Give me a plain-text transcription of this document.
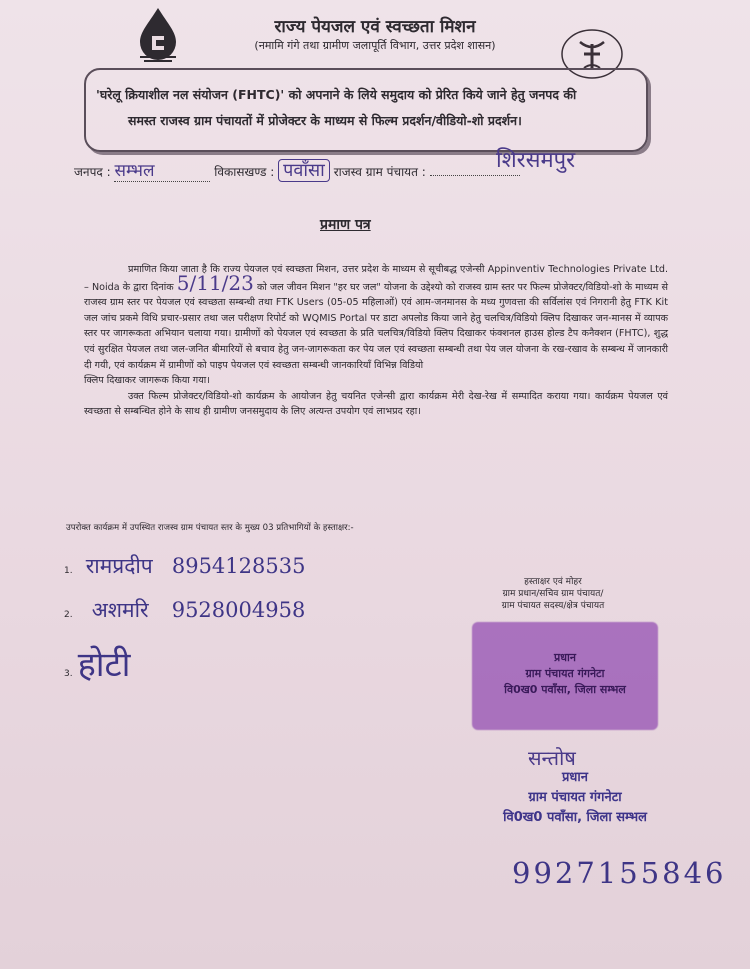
राज्य पेयजल एवं स्वच्छता मिशन
(नमामि गंगे तथा ग्रामीण जलापूर्ति विभाग, उत्तर प्रदेश शासन)
'घरेलू क्रियाशील नल संयोजन (FHTC)' को अपनाने के लिये समुदाय को प्रेरित किये जाने हेतु जनपद की
समस्त राजस्व ग्राम पंचायतों में प्रोजेक्टर के माध्यम से फिल्म प्रदर्शन/वीडियो-शो प्रदर्शन।
जनपद : सम्भल	विकासखण्ड : पवाँसा राजस्व ग्राम पंचायत :	शिरसमपुर
प्रमाण पत्र

प्रमाणित किया जाता है कि राज्य पेयजल एवं स्वच्छता मिशन, उत्तर प्रदेश के माध्यम से सूचीबद्ध एजेन्सी Appinventiv Technologies Private Ltd. – Noida के द्वारा दिनांक 5/11/23 को जल जीवन मिशन "हर घर जल" योजना के उद्देश्यो को राजस्व ग्राम स्तर पर फिल्म प्रोजेक्टर/विडियो-शो के माध्यम से राजस्व ग्राम स्तर पर पेयजल एवं स्वच्छता सम्बन्धी तथा FTK Users (05-05 महिलाओं) एवं आम-जनमानस के मध्य गुणवत्ता की सर्विलांस एवं निगरानी हेतु FTK Kit जल जांच प्रकमे विधि प्रचार-प्रसार तथा जल परीक्षण रिपोर्ट को WQMIS Portal पर डाटा अपलोड किया जाने हेतु चलचित्र/विडियो क्लिप दिखाकर जन-मानस में व्यापक स्तर पर जागरूकता अभियान चलाया गया। ग्रामीणों को पेयजल एवं स्वच्छता के प्रति चलचित्र/विडियो क्लिप दिखाकर फंक्शनल हाउस होल्ड टैप कनैक्शन (FHTC), शुद्ध एवं सुरक्षित पेयजल तथा जल-जनित बीमारियों से बचाव हेतु जन-जागरूकता कर पेय जल एवं स्वच्छता सम्बन्धी तथा पेय जल योजना के रख-रखाव के सम्बन्ध में जानकारी दी गयी, एवं कार्यक्रम में ग्रामीणों को पाइप पेयजल एवं स्वच्छता सम्बन्धी जानकारियाँ विभिन्न विडियो

क्लिप दिखाकर जागरूक किया गया।

उक्त फिल्म प्रोजेक्टर/विडियो-शो कार्यक्रम के आयोजन हेतु चयनित एजेन्सी द्वारा कार्यक्रम मेरी देख-रेख में सम्पादित कराया गया। कार्यक्रम पेयजल एवं स्वच्छता से सम्बन्धित होने के साथ ही ग्रामीण जनसमुदाय के लिए अत्यन्त उपयोग एवं लाभप्रद रहा।

उपरोक्त कार्यक्रम में उपस्थित राजस्व ग्राम पंचायत स्तर के मुख्य 03 प्रतिभागियों के हस्ताक्षर:-
1. रामप्रदीप 8954128535
2. अशमरि 9528004958
3. होटी
हस्ताक्षर एवं मोहर
ग्राम प्रधान/सचिव ग्राम पंचायत/
ग्राम पंचायत सदस्य/क्षेत्र पंचायत
प्रधान
ग्राम पंचायत गंगनेटा
वि0ख0 पवाँसा, जिला सम्भल
सन्तोष
प्रधान
ग्राम पंचायत गंगनेटा
वि0ख0 पवाँसा, जिला सम्भल
9927155846
